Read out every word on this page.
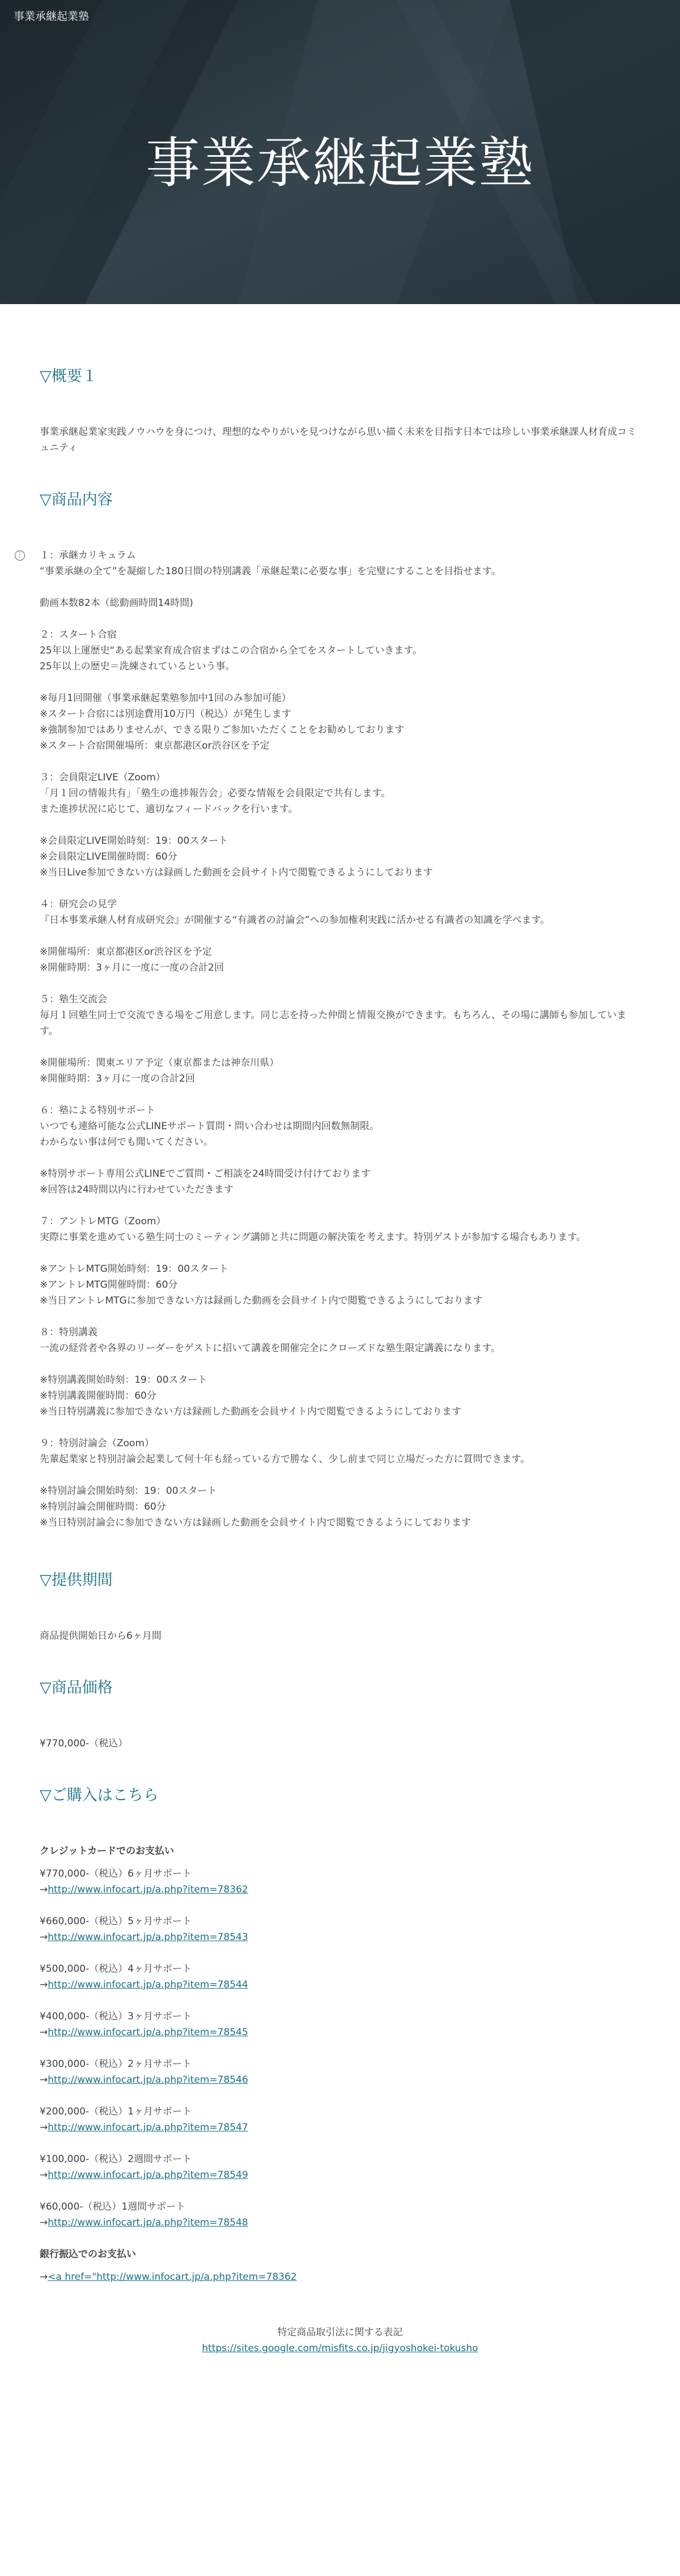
事業承継起業塾
事業承継起業塾
▽概要１

事業承継起業家実践ノウハウを身につけ、理想的なやりがいを見つけながら思い描く未来を目指す日本では珍しい事業承継課人材育成コミュニティ

▽商品内容
⋮ １：承継カリキュラム
“事業承継の全て”を凝縮した180日間の特別講義「承継起業に必要な事」を完璧にすることを目指せます。

動画本数82本（総動画時間14時間)

２：スタート合宿
25年以上運歴史“ある起業家育成合宿まずはこの合宿から全てをスタートしていきます。
25年以上の歴史＝洗練されているという事。

※毎月1回開催（事業承継起業塾参加中1回のみ参加可能）
※スタート合宿には別途費用10万円（税込）が発生します
※強制参加ではありませんが、できる限りご参加いただくことをお勧めしております
※スタート合宿開催場所：東京都港区or渋谷区を予定

３：会員限定LIVE（Zoom）
「月１回の情報共有」「塾生の進捗報告会」必要な情報を会員限定で共有します。
また進捗状況に応じて、適切なフィードバックを行います。

※会員限定LIVE開始時刻：19：00スタート
※会員限定LIVE開催時間：60分
※当日Live参加できない方は録画した動画を会員サイト内で閲覧できるようにしております

４：研究会の見学
『日本事業承継人材育成研究会』が開催する“有識者の討論会”への参加権利実践に活かせる有識者の知識を学べます。

※開催場所：東京都港区or渋谷区を予定
※開催時期：3ヶ月に一度に一度の合計2回

５：塾生交流会
毎月１回塾生同士で交流できる場をご用意します。同じ志を持った仲間と情報交換ができます。もちろん、その場に講師も参加しています。

※開催場所：関東エリア予定（東京都または神奈川県）
※開催時期：3ヶ月に一度の合計2回

６：塾による特別サポート
いつでも連絡可能な公式LINEサポート質問・問い合わせは期間内回数無制限。
わからない事は何でも聞いてください。

※特別サポート専用公式LINEでご質問・ご相談を24時間受け付けております
※回答は24時間以内に行わせていただきます

７：アントレMTG（Zoom）
実際に事業を進めている塾生同士のミーティング講師と共に問題の解決策を考えます。特別ゲストが参加する場合もあります。

※アントレMTG開始時刻：19：00スタート
※アントレMTG開催時間：60分
※当日アントレMTGに参加できない方は録画した動画を会員サイト内で閲覧できるようにしております

８：特別講義
一流の経営者や各界のリーダーをゲストに招いて講義を開催完全にクローズドな塾生限定講義になります。

※特別講義開始時刻：19：00スタート
※特別講義開催時間：60分
※当日特別講義に参加できない方は録画した動画を会員サイト内で閲覧できるようにしております

９：特別討論会（Zoom）
先輩起業家と特別討論会起業して何十年も経っている方で勝なく、少し前まで同じ立場だった方に質問できます。

※特別討論会開始時刻：19：00スタート
※特別討論会開催時間：60分
※当日特別討論会に参加できない方は録画した動画を会員サイト内で閲覧できるようにしております

▽提供期間

商品提供開始日から6ヶ月間

▽商品価格

¥770,000-（税込）

▽ご購入はこちら

クレジットカードでのお支払い

¥770,000-（税込）6ヶ月サポート
→http://www.infocart.jp/a.php?item=78362
¥660,000-（税込）5ヶ月サポート
→http://www.infocart.jp/a.php?item=78543
¥500,000-（税込）4ヶ月サポート
→http://www.infocart.jp/a.php?item=78544
¥400,000-（税込）3ヶ月サポート
→http://www.infocart.jp/a.php?item=78545
¥300,000-（税込）2ヶ月サポート
→http://www.infocart.jp/a.php?item=78546
¥200,000-（税込）1ヶ月サポート
→http://www.infocart.jp/a.php?item=78547
¥100,000-（税込）2週間サポート
→http://www.infocart.jp/a.php?item=78549
¥60,000-（税込）1週間サポート
→http://www.infocart.jp/a.php?item=78548

銀行振込でのお支払い

→<a href="http://www.infocart.jp/a.php?item=78362

特定商品取引法に関する表記

https://sites.google.com/misfits.co.jp/jigyoshokei-tokusho
